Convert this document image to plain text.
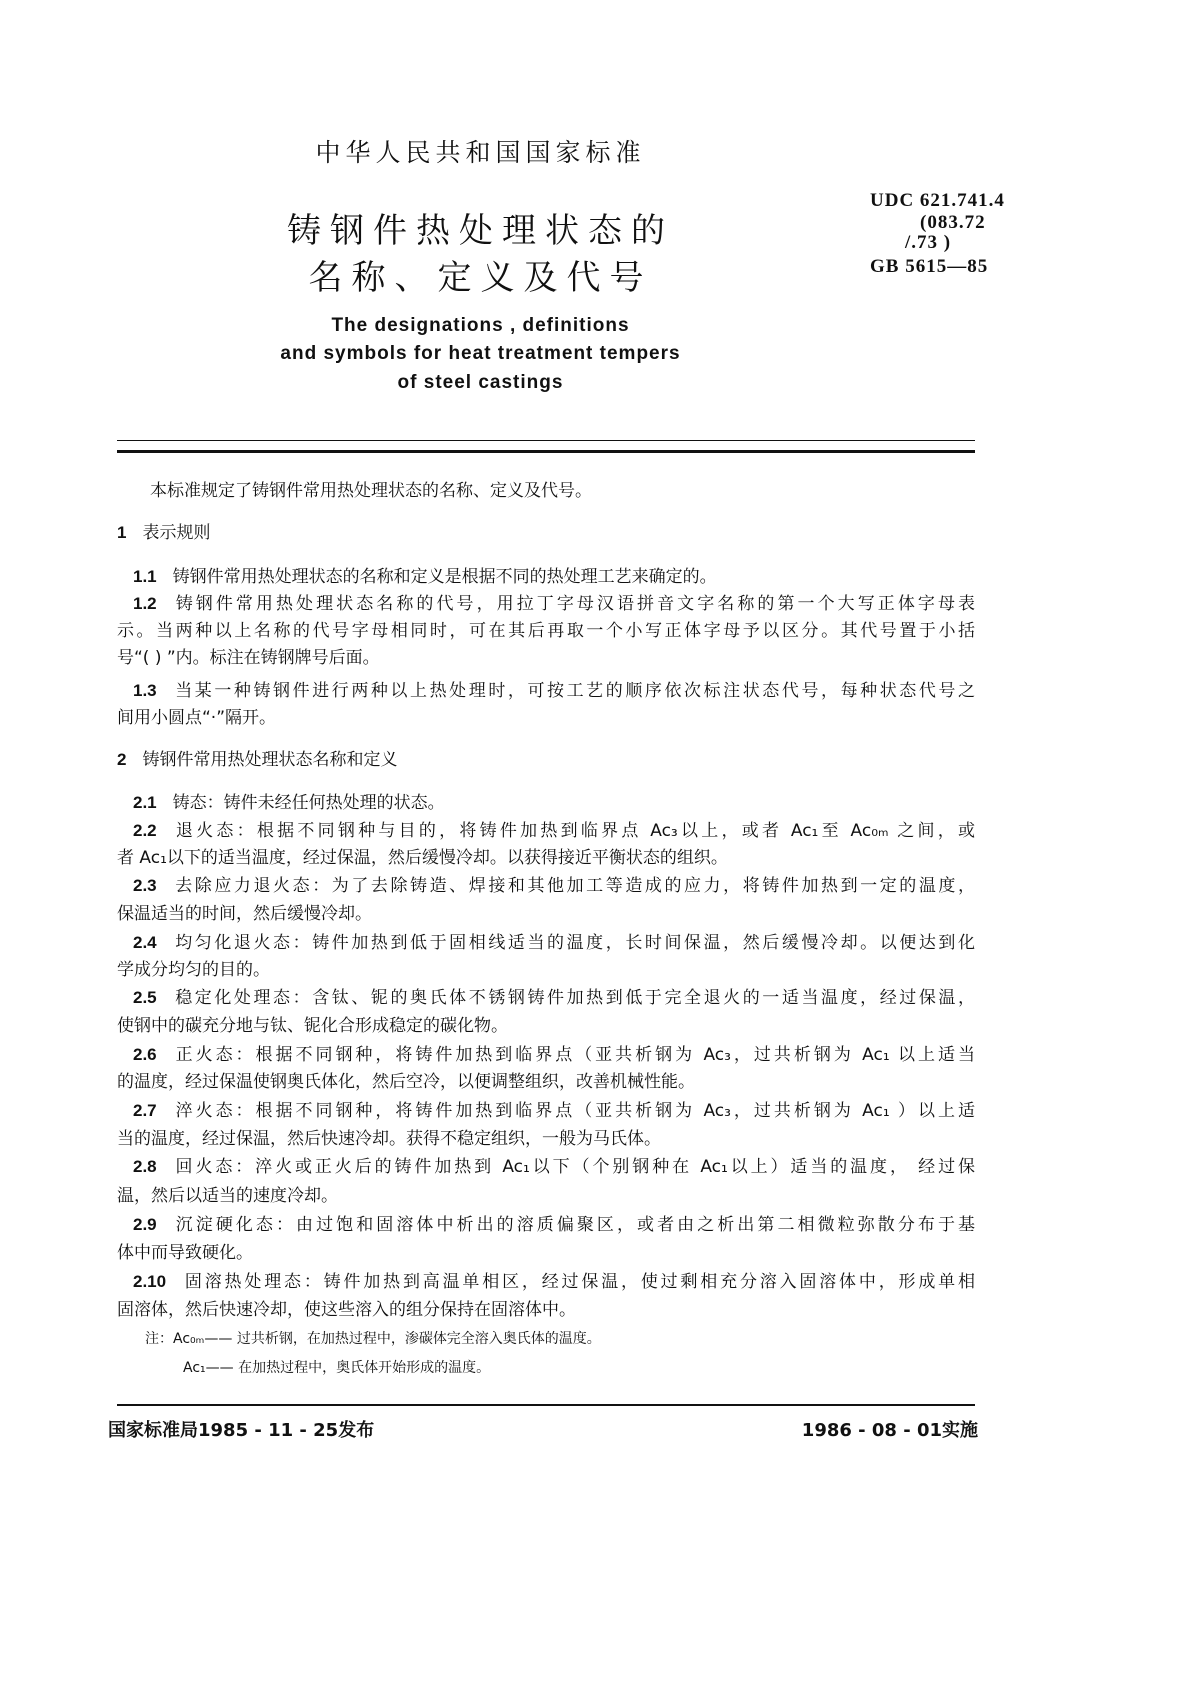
中华人民共和国国家标准
铸钢件热处理状态的
名称、定义及代号
The designations , definitions
and symbols for heat treatment tempers
of steel castings
UDC 621.741.4
(083.72
/.73 )
GB 5615—85
本标准规定了铸钢件常用热处理状态的名称、定义及代号。
1 表示规则
1.1 铸钢件常用热处理状态的名称和定义是根据不同的热处理工艺来确定的。
1.2 铸钢件常用热处理状态名称的代号，用拉丁字母汉语拼音文字名称的第一个大写正体字母表
示。当两种以上名称的代号字母相同时，可在其后再取一个小写正体字母予以区分。其代号置于小括
号“( ) ”内。标注在铸钢牌号后面。
1.3 当某一种铸钢件进行两种以上热处理时，可按工艺的顺序依次标注状态代号，每种状态代号之
间用小圆点“·”隔开。
2 铸钢件常用热处理状态名称和定义
2.1 铸态：铸件未经任何热处理的状态。
2.2 退火态：根据不同钢种与目的，将铸件加热到临界点 Ac₃以上，或者 Ac₁至 Ac₀ₘ 之间，或
者 Ac₁以下的适当温度，经过保温，然后缓慢冷却。以获得接近平衡状态的组织。
2.3 去除应力退火态：为了去除铸造、焊接和其他加工等造成的应力，将铸件加热到一定的温度，
保温适当的时间，然后缓慢冷却。
2.4 均匀化退火态：铸件加热到低于固相线适当的温度，长时间保温，然后缓慢冷却。以便达到化
学成分均匀的目的。
2.5 稳定化处理态：含钛、铌的奥氏体不锈钢铸件加热到低于完全退火的一适当温度，经过保温，
使钢中的碳充分地与钛、铌化合形成稳定的碳化物。
2.6 正火态：根据不同钢种，将铸件加热到临界点（亚共析钢为 Ac₃，过共析钢为 Ac₁ 以上适当
的温度，经过保温使钢奥氏体化，然后空冷，以便调整组织，改善机械性能。
2.7 淬火态：根据不同钢种，将铸件加热到临界点（亚共析钢为 Ac₃，过共析钢为 Ac₁ ）以上适
当的温度，经过保温，然后快速冷却。获得不稳定组织，一般为马氏体。
2.8 回火态：淬火或正火后的铸件加热到 Ac₁以下（个别钢种在 Ac₁以上）适当的温度， 经过保
温，然后以适当的速度冷却。
2.9 沉淀硬化态：由过饱和固溶体中析出的溶质偏聚区，或者由之析出第二相微粒弥散分布于基
体中而导致硬化。
2.10 固溶热处理态：铸件加热到高温单相区，经过保温，使过剩相充分溶入固溶体中，形成单相
固溶体，然后快速冷却，使这些溶入的组分保持在固溶体中。
注：Ac₀ₘ—— 过共析钢，在加热过程中，渗碳体完全溶入奥氏体的温度。
Ac₁—— 在加热过程中，奥氏体开始形成的温度。
国家标准局1985 - 11 - 25发布	1986 - 08 - 01实施
